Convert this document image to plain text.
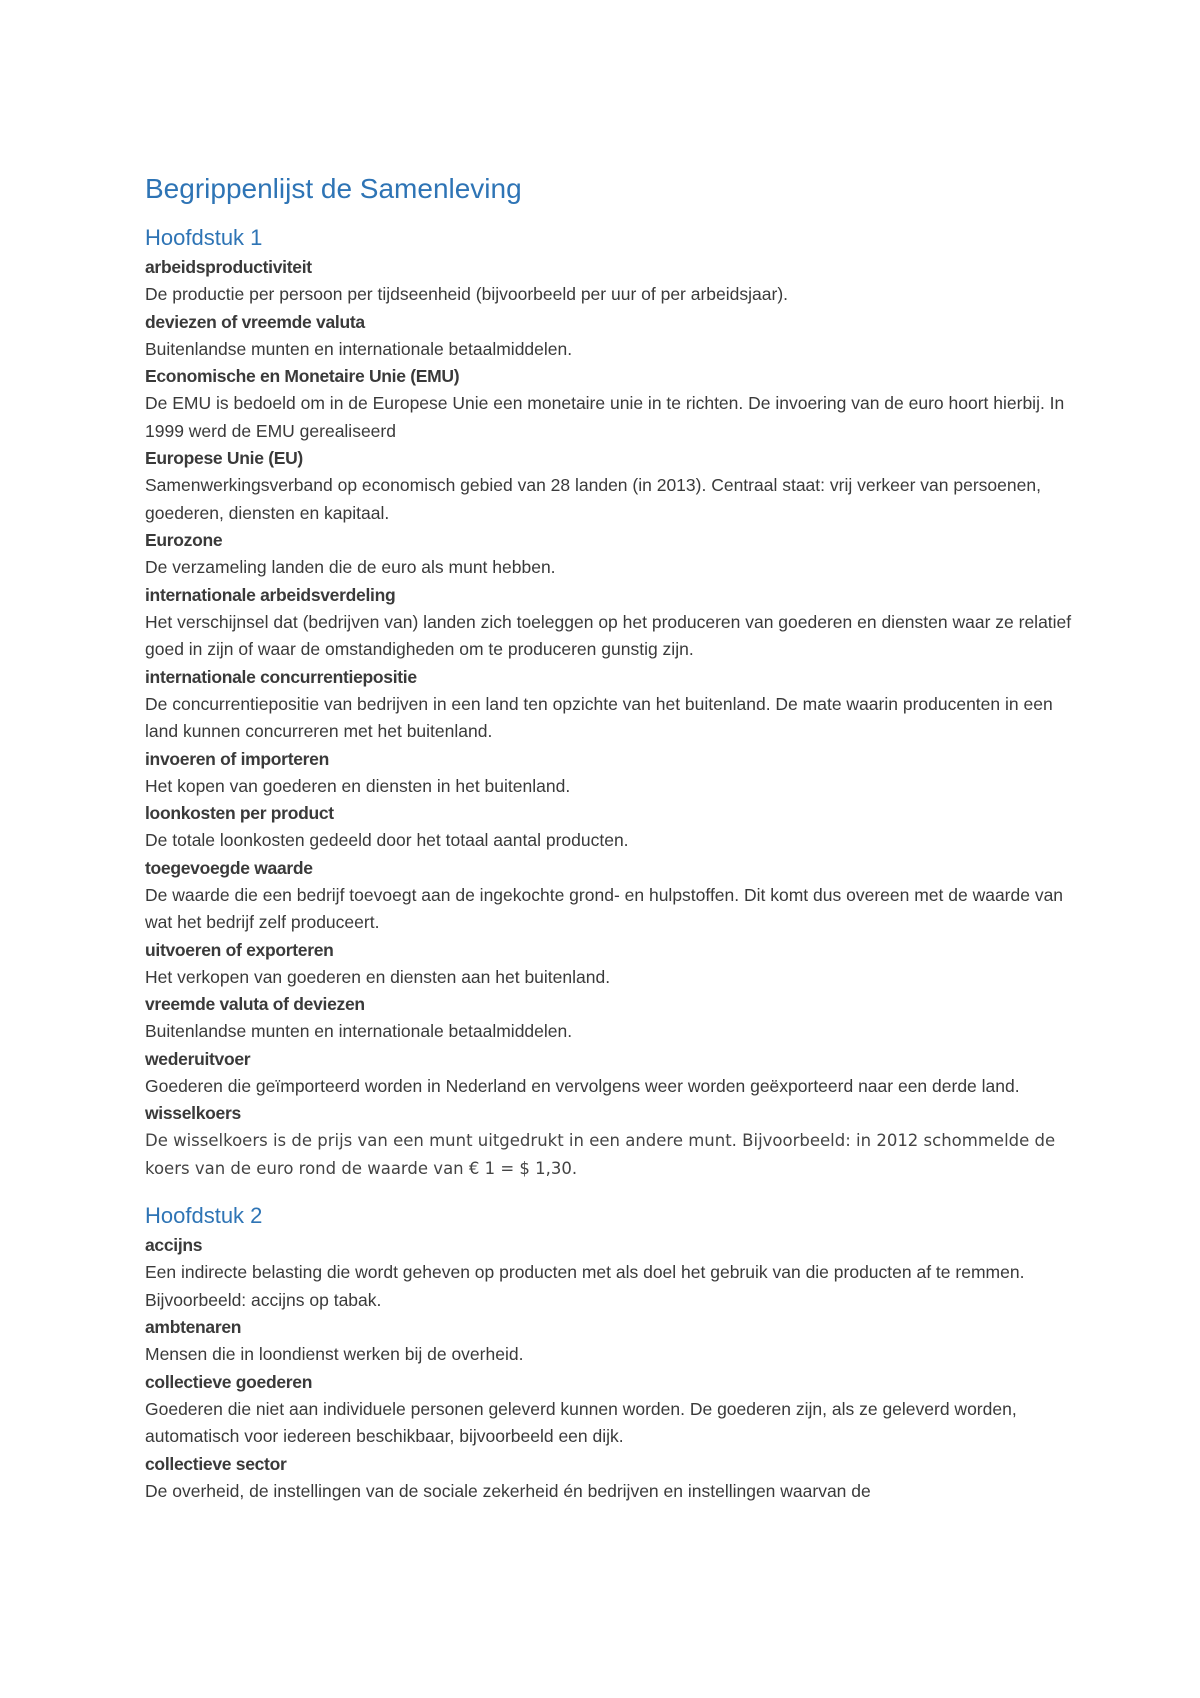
Begrippenlijst de Samenleving
Hoofdstuk 1

arbeidsproductiviteit

De productie per persoon per tijdseenheid (bijvoorbeeld per uur of per arbeidsjaar).

deviezen of vreemde valuta

Buitenlandse munten en internationale betaalmiddelen.

Economische en Monetaire Unie (EMU)

De EMU is bedoeld om in de Europese Unie een monetaire unie in te richten. De invoering van de euro hoort hierbij. In 1999 werd de EMU gerealiseerd

Europese Unie (EU)

Samenwerkingsverband op economisch gebied van 28 landen (in 2013). Centraal staat: vrij verkeer van persoenen, goederen, diensten en kapitaal.

Eurozone

De verzameling landen die de euro als munt hebben.

internationale arbeidsverdeling

Het verschijnsel dat (bedrijven van) landen zich toeleggen op het produceren van goederen en diensten waar ze relatief goed in zijn of waar de omstandigheden om te produceren gunstig zijn.

internationale concurrentiepositie

De concurrentiepositie van bedrijven in een land ten opzichte van het buitenland. De mate waarin producenten in een land kunnen concurreren met het buitenland.

invoeren of importeren

Het kopen van goederen en diensten in het buitenland.

loonkosten per product

De totale loonkosten gedeeld door het totaal aantal producten.

toegevoegde waarde

De waarde die een bedrijf toevoegt aan de ingekochte grond- en hulpstoffen. Dit komt dus overeen met de waarde van wat het bedrijf zelf produceert.

uitvoeren of exporteren

Het verkopen van goederen en diensten aan het buitenland.

vreemde valuta of deviezen

Buitenlandse munten en internationale betaalmiddelen.

wederuitvoer

Goederen die geïmporteerd worden in Nederland en vervolgens weer worden geëxporteerd naar een derde land.

wisselkoers

De wisselkoers is de prijs van een munt uitgedrukt in een andere munt. Bijvoorbeeld: in 2012 schommelde de koers van de euro rond de waarde van € 1 = $ 1,30.

Hoofdstuk 2

accijns

Een indirecte belasting die wordt geheven op producten met als doel het gebruik van die producten af te remmen. Bijvoorbeeld: accijns op tabak.

ambtenaren

Mensen die in loondienst werken bij de overheid.

collectieve goederen

Goederen die niet aan individuele personen geleverd kunnen worden. De goederen zijn, als ze geleverd worden, automatisch voor iedereen beschikbaar, bijvoorbeeld een dijk.

collectieve sector

De overheid, de instellingen van de sociale zekerheid én bedrijven en instellingen waarvan de
